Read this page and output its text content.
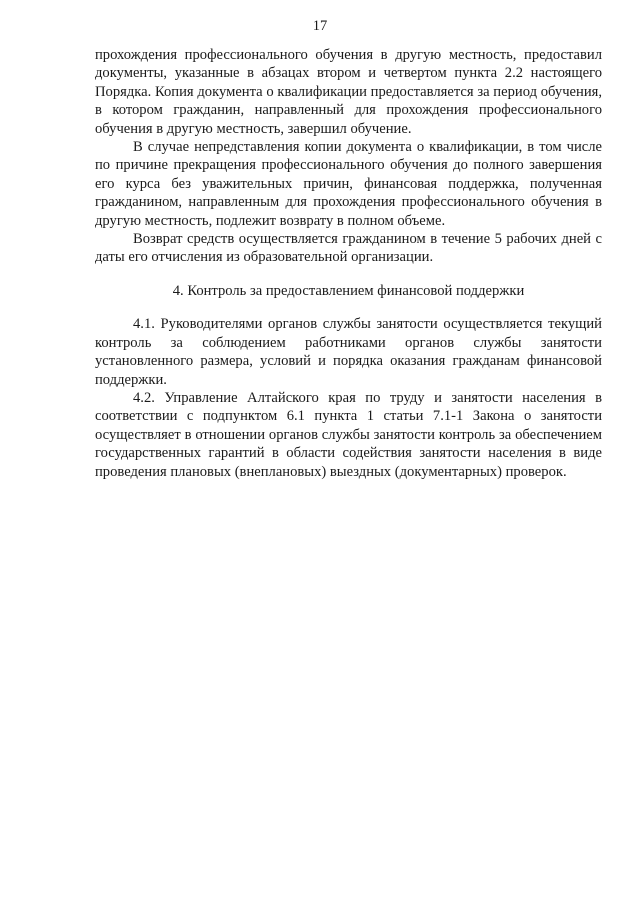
17

прохождения профессионального обучения в другую местность, предоставил документы, указанные в абзацах втором и четвертом пункта 2.2 настоящего Порядка. Копия документа о квалификации предоставляется за период обучения, в котором гражданин, направленный для прохождения профессионального обучения в другую местность, завершил обучение.

В случае непредставления копии документа о квалификации, в том числе по причине прекращения профессионального обучения до полного завершения его курса без уважительных причин, финансовая поддержка, полученная гражданином, направленным для прохождения профессионального обучения в другую местность, подлежит возврату в полном объеме.

Возврат средств осуществляется гражданином в течение 5 рабочих дней с даты его отчисления из образовательной организации.

4. Контроль за предоставлением финансовой поддержки

4.1. Руководителями органов службы занятости осуществляется текущий контроль за соблюдением работниками органов службы занятости установленного размера, условий и порядка оказания гражданам финансовой поддержки.

4.2. Управление Алтайского края по труду и занятости населения в соответствии с подпунктом 6.1 пункта 1 статьи 7.1-1 Закона о занятости осуществляет в отношении органов службы занятости контроль за обеспечением государственных гарантий в области содействия занятости населения в виде проведения плановых (внеплановых) выездных (документарных) проверок.
